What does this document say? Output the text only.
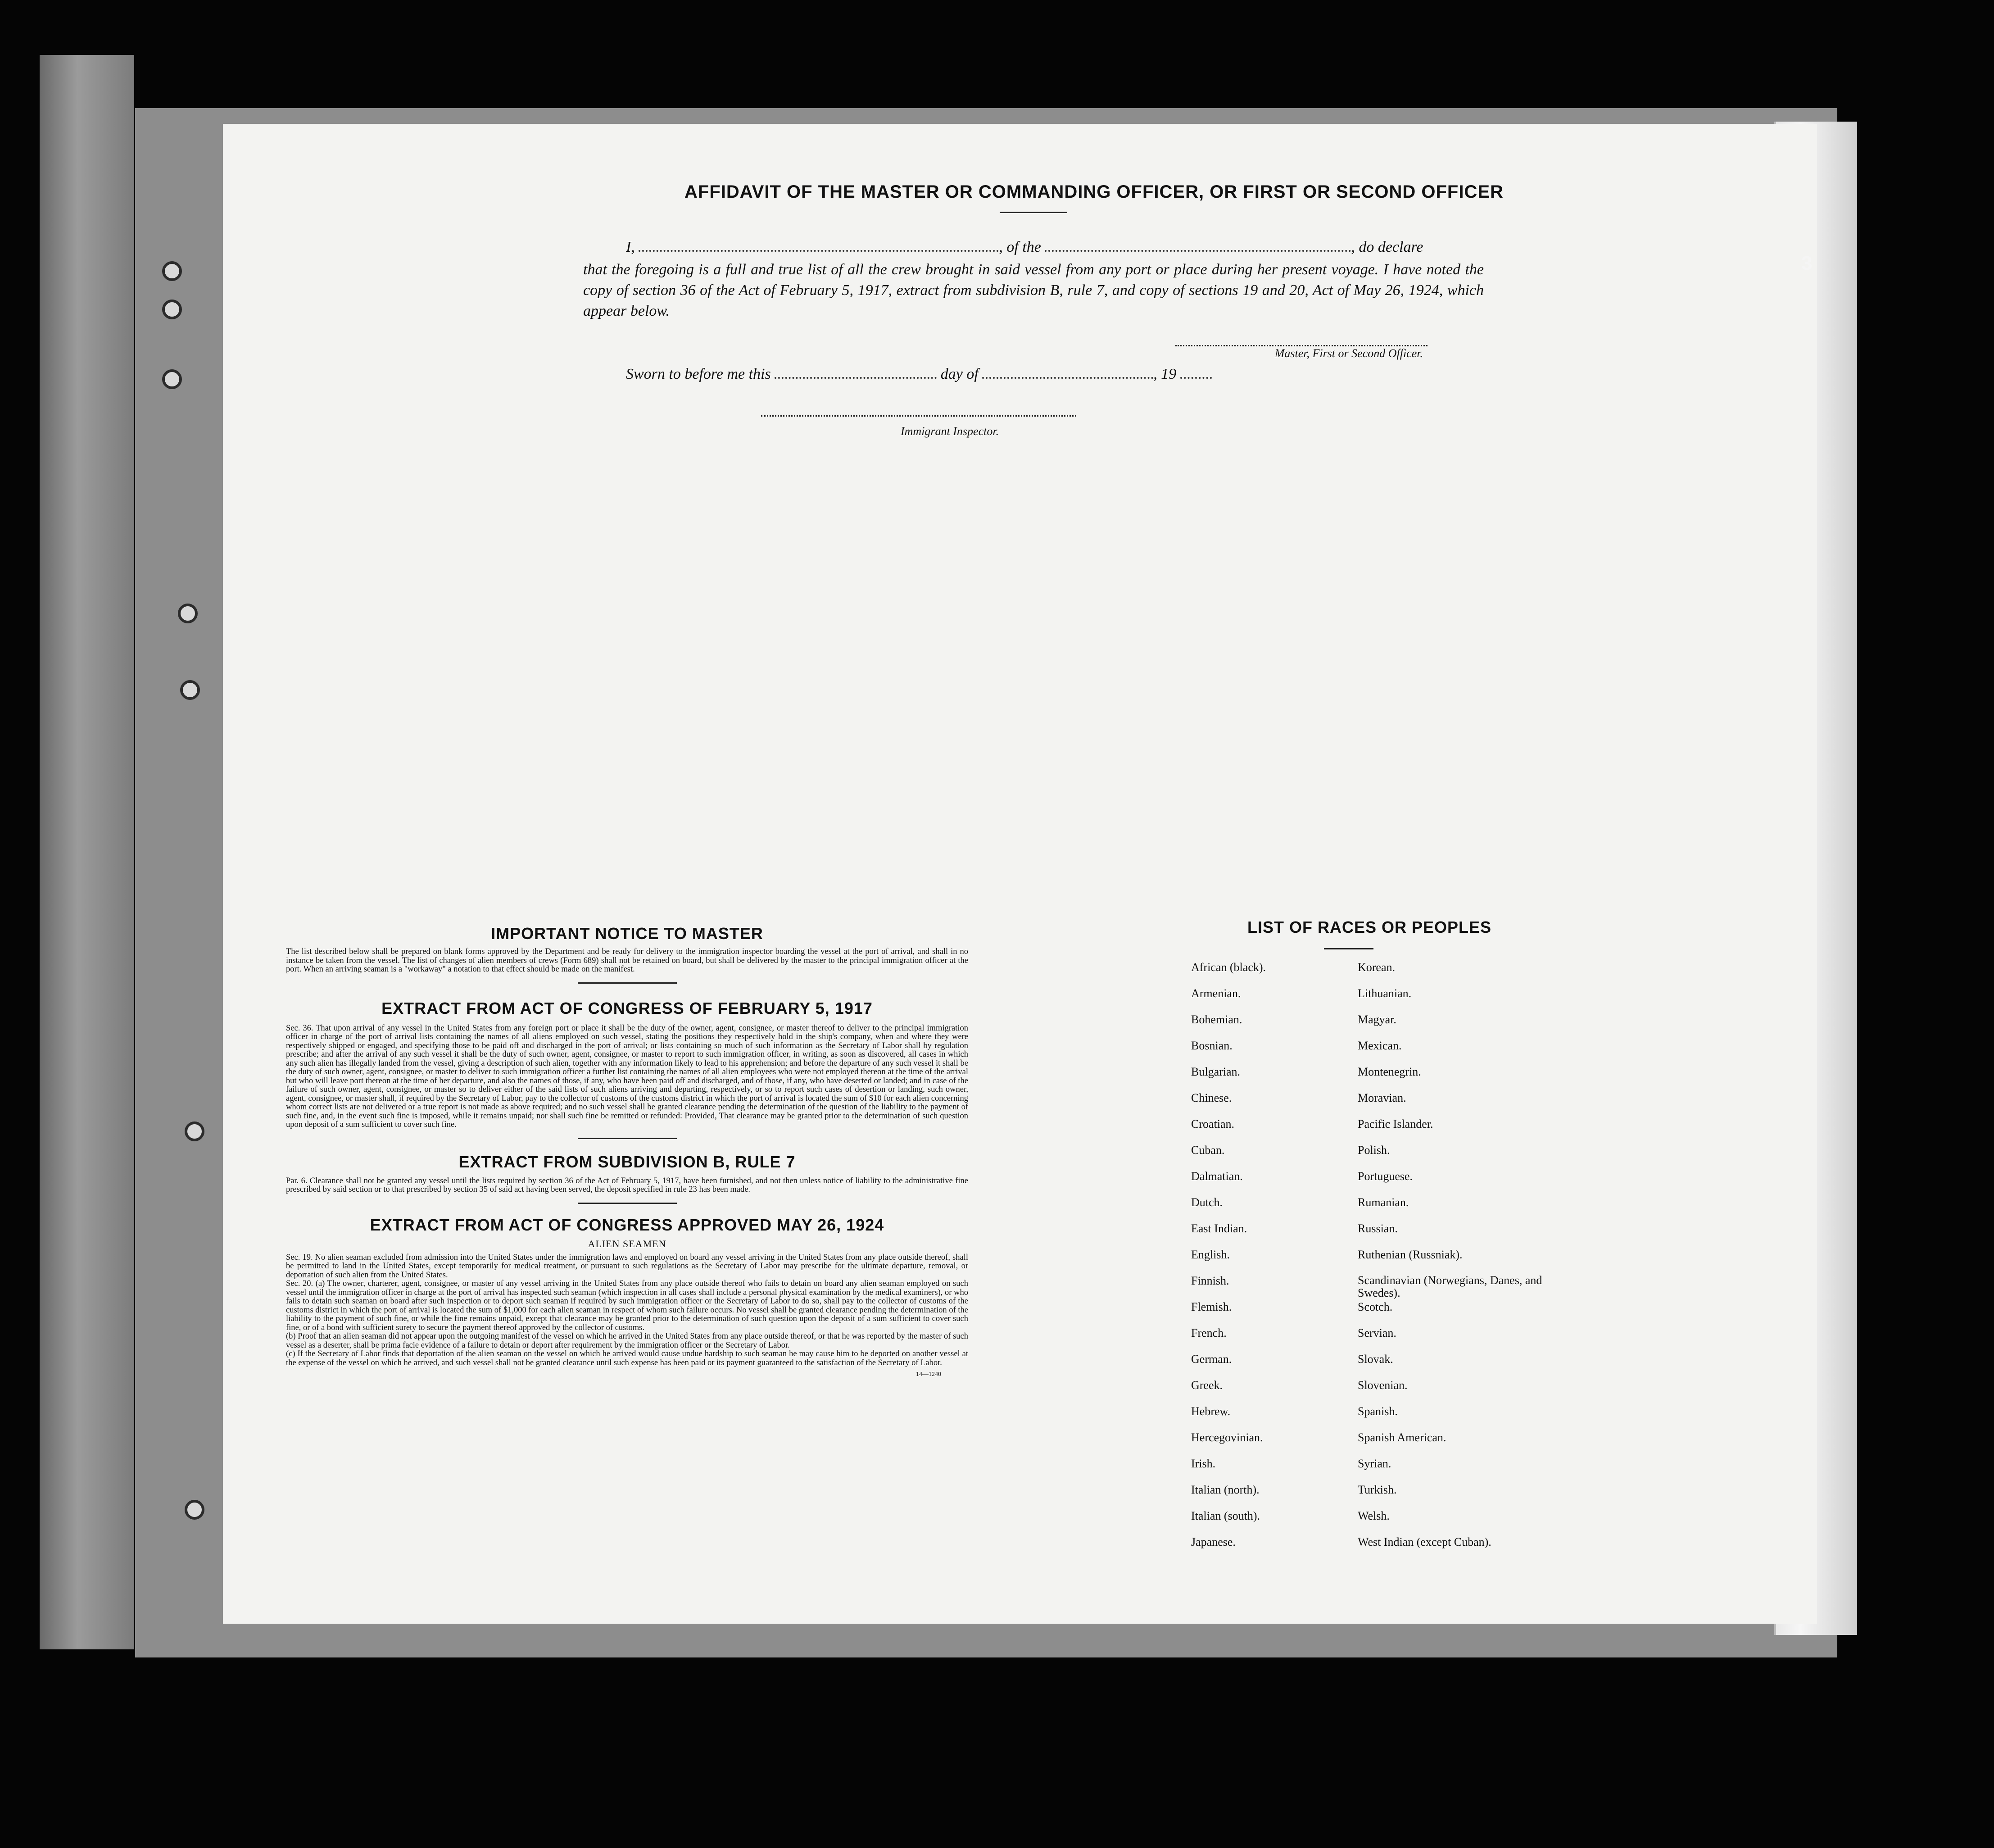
3
AFFIDAVIT OF THE MASTER OR COMMANDING OFFICER, OR FIRST OR SECOND OFFICER
I,	, of the	, do declare

that the foregoing is a full and true list of all the crew brought in said vessel from any port or place during her present voyage. I have noted the copy of section 36 of the Act of February 5, 1917, extract from subdivision B, rule 7, and copy of sections 19 and 20, Act of May 26, 1924, which appear below.

Master, First or Second Officer.
Sworn to before me this	day of	, 19
Immigrant Inspector.
IMPORTANT NOTICE TO MASTER

The list described below shall be prepared on blank forms approved by the Department and be ready for delivery to the immigration inspector boarding the vessel at the port of arrival, and shall in no instance be taken from the vessel. The list of changes of alien members of crews (Form 689) shall not be retained on board, but shall be delivered by the master to the principal immigration officer at the port. When an arriving seaman is a "workaway" a notation to that effect should be made on the manifest.

EXTRACT FROM ACT OF CONGRESS OF FEBRUARY 5, 1917

Sec. 36. That upon arrival of any vessel in the United States from any foreign port or place it shall be the duty of the owner, agent, consignee, or master thereof to deliver to the principal immigration officer in charge of the port of arrival lists containing the names of all aliens employed on such vessel, stating the positions they respectively hold in the ship's company, when and where they were respectively shipped or engaged, and specifying those to be paid off and discharged in the port of arrival; or lists containing so much of such information as the Secretary of Labor shall by regulation prescribe; and after the arrival of any such vessel it shall be the duty of such owner, agent, consignee, or master to report to such immigration officer, in writing, as soon as discovered, all cases in which any such alien has illegally landed from the vessel, giving a description of such alien, together with any information likely to lead to his apprehension; and before the departure of any such vessel it shall be the duty of such owner, agent, consignee, or master to deliver to such immigration officer a further list containing the names of all alien employees who were not employed thereon at the time of the arrival but who will leave port thereon at the time of her departure, and also the names of those, if any, who have been paid off and discharged, and of those, if any, who have deserted or landed; and in case of the failure of such owner, agent, consignee, or master so to deliver either of the said lists of such aliens arriving and departing, respectively, or so to report such cases of desertion or landing, such owner, agent, consignee, or master shall, if required by the Secretary of Labor, pay to the collector of customs of the customs district in which the port of arrival is located the sum of $10 for each alien concerning whom correct lists are not delivered or a true report is not made as above required; and no such vessel shall be granted clearance pending the determination of the question of the liability to the payment of such fine, and, in the event such fine is imposed, while it remains unpaid; nor shall such fine be remitted or refunded: Provided, That clearance may be granted prior to the determination of such question upon deposit of a sum sufficient to cover such fine.

EXTRACT FROM SUBDIVISION B, RULE 7

Par. 6. Clearance shall not be granted any vessel until the lists required by section 36 of the Act of February 5, 1917, have been furnished, and not then unless notice of liability to the administrative fine prescribed by said section or to that prescribed by section 35 of said act having been served, the deposit specified in rule 23 has been made.

EXTRACT FROM ACT OF CONGRESS APPROVED MAY 26, 1924
ALIEN SEAMEN

Sec. 19. No alien seaman excluded from admission into the United States under the immigration laws and employed on board any vessel arriving in the United States from any place outside thereof, shall be permitted to land in the United States, except temporarily for medical treatment, or pursuant to such regulations as the Secretary of Labor may prescribe for the ultimate departure, removal, or deportation of such alien from the United States.

Sec. 20. (a) The owner, charterer, agent, consignee, or master of any vessel arriving in the United States from any place outside thereof who fails to detain on board any alien seaman employed on such vessel until the immigration officer in charge at the port of arrival has inspected such seaman (which inspection in all cases shall include a personal physical examination by the medical examiners), or who fails to detain such seaman on board after such inspection or to deport such seaman if required by such immigration officer or the Secretary of Labor to do so, shall pay to the collector of customs of the customs district in which the port of arrival is located the sum of $1,000 for each alien seaman in respect of whom such failure occurs. No vessel shall be granted clearance pending the determination of the liability to the payment of such fine, or while the fine remains unpaid, except that clearance may be granted prior to the determination of such question upon the deposit of a sum sufficient to cover such fine, or of a bond with sufficient surety to secure the payment thereof approved by the collector of customs.

(b) Proof that an alien seaman did not appear upon the outgoing manifest of the vessel on which he arrived in the United States from any place outside thereof, or that he was reported by the master of such vessel as a deserter, shall be prima facie evidence of a failure to detain or deport after requirement by the immigration officer or the Secretary of Labor.

(c) If the Secretary of Labor finds that deportation of the alien seaman on the vessel on which he arrived would cause undue hardship to such seaman he may cause him to be deported on another vessel at the expense of the vessel on which he arrived, and such vessel shall not be granted clearance until such expense has been paid or its payment guaranteed to the satisfaction of the Secretary of Labor.

14—1240
LIST OF RACES OR PEOPLES
African (black).	Korean.
Armenian.	Lithuanian.
Bohemian.	Magyar.
Bosnian.	Mexican.
Bulgarian.	Montenegrin.
Chinese.	Moravian.
Croatian.	Pacific Islander.
Cuban.	Polish.
Dalmatian.	Portuguese.
Dutch.	Rumanian.
East Indian.	Russian.
English.	Ruthenian (Russniak).
Finnish.	Scandinavian (Norwegians, Danes, and Swedes).
Flemish.	Scotch.
French.	Servian.
German.	Slovak.
Greek.	Slovenian.
Hebrew.	Spanish.
Hercegovinian.	Spanish American.
Irish.	Syrian.
Italian (north).	Turkish.
Italian (south).	Welsh.
Japanese.	West Indian (except Cuban).
